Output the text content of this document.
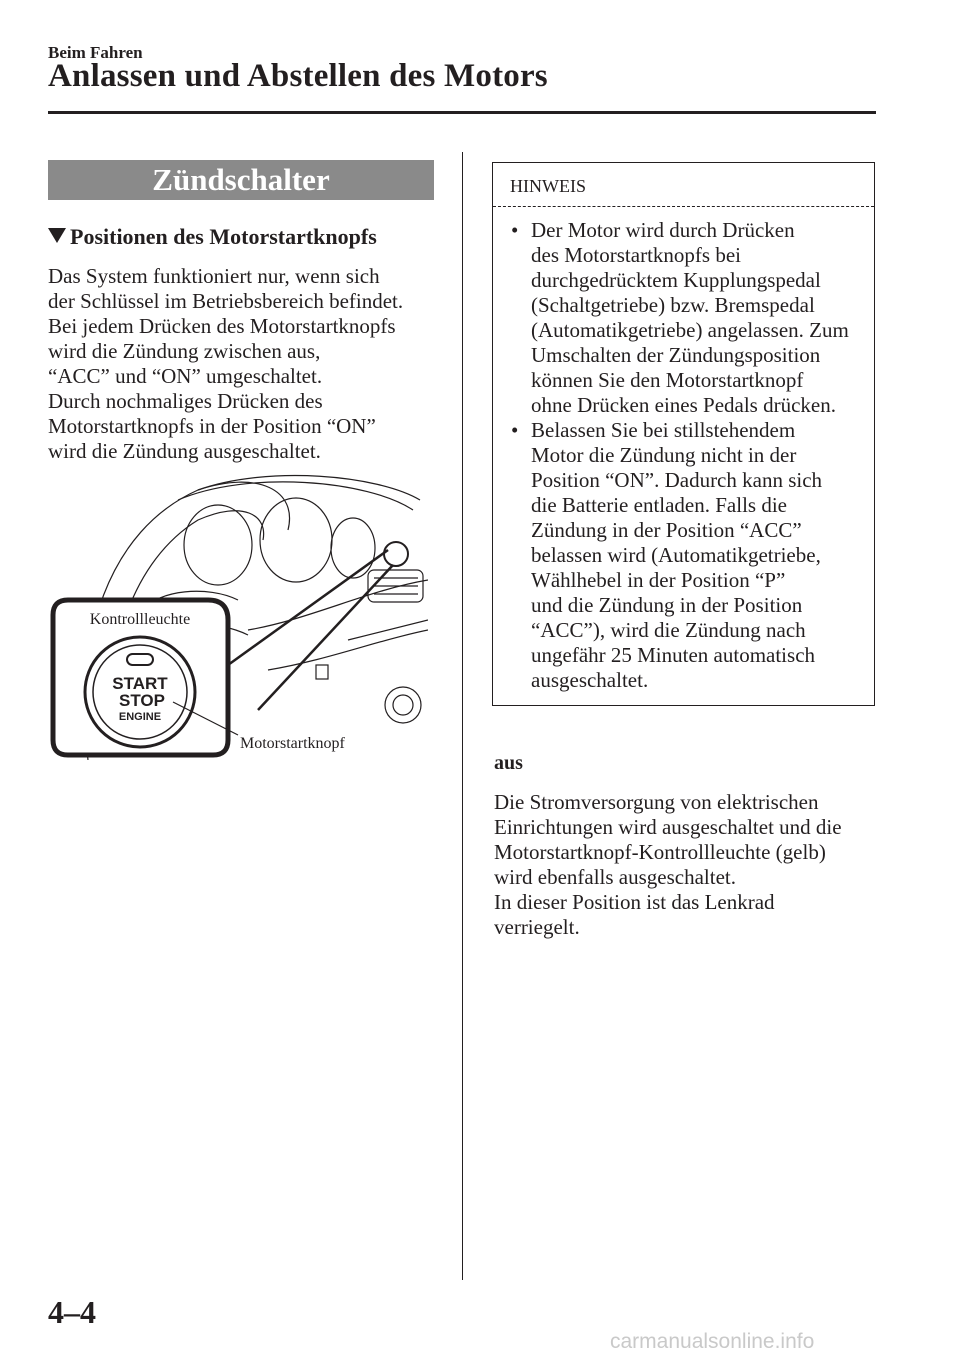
Beim Fahren
Anlassen und Abstellen des Motors
Zündschalter
Positionen des Motorstartknopfs
Das System funktioniert nur, wenn sich
der Schlüssel im Betriebsbereich befindet.
Bei jedem Drücken des Motorstartknopfs
wird die Zündung zwischen aus,
“ACC” und “ON” umgeschaltet.
Durch nochmaliges Drücken des
Motorstartknopfs in der Position “ON”
wird die Zündung ausgeschaltet.
Kontrollleuchte
START
STOP
ENGINE
Motorstartknopf
HINWEIS
• Der Motor wird durch Drücken
des Motorstartknopfs bei
durchgedrücktem Kupplungspedal
(Schaltgetriebe) bzw. Bremspedal
(Automatikgetriebe) angelassen. Zum
Umschalten der Zündungsposition
können Sie den Motorstartknopf
ohne Drücken eines Pedals drücken.
• Belassen Sie bei stillstehendem
Motor die Zündung nicht in der
Position “ON”. Dadurch kann sich
die Batterie entladen. Falls die
Zündung in der Position “ACC”
belassen wird (Automatikgetriebe,
Wählhebel in der Position “P”
und die Zündung in der Position
“ACC”), wird die Zündung nach
ungefähr 25 Minuten automatisch
ausgeschaltet.
aus
Die Stromversorgung von elektrischen
Einrichtungen wird ausgeschaltet und die
Motorstartknopf-Kontrollleuchte (gelb)
wird ebenfalls ausgeschaltet.
In dieser Position ist das Lenkrad
verriegelt.
4–4
carmanualsonline.info
